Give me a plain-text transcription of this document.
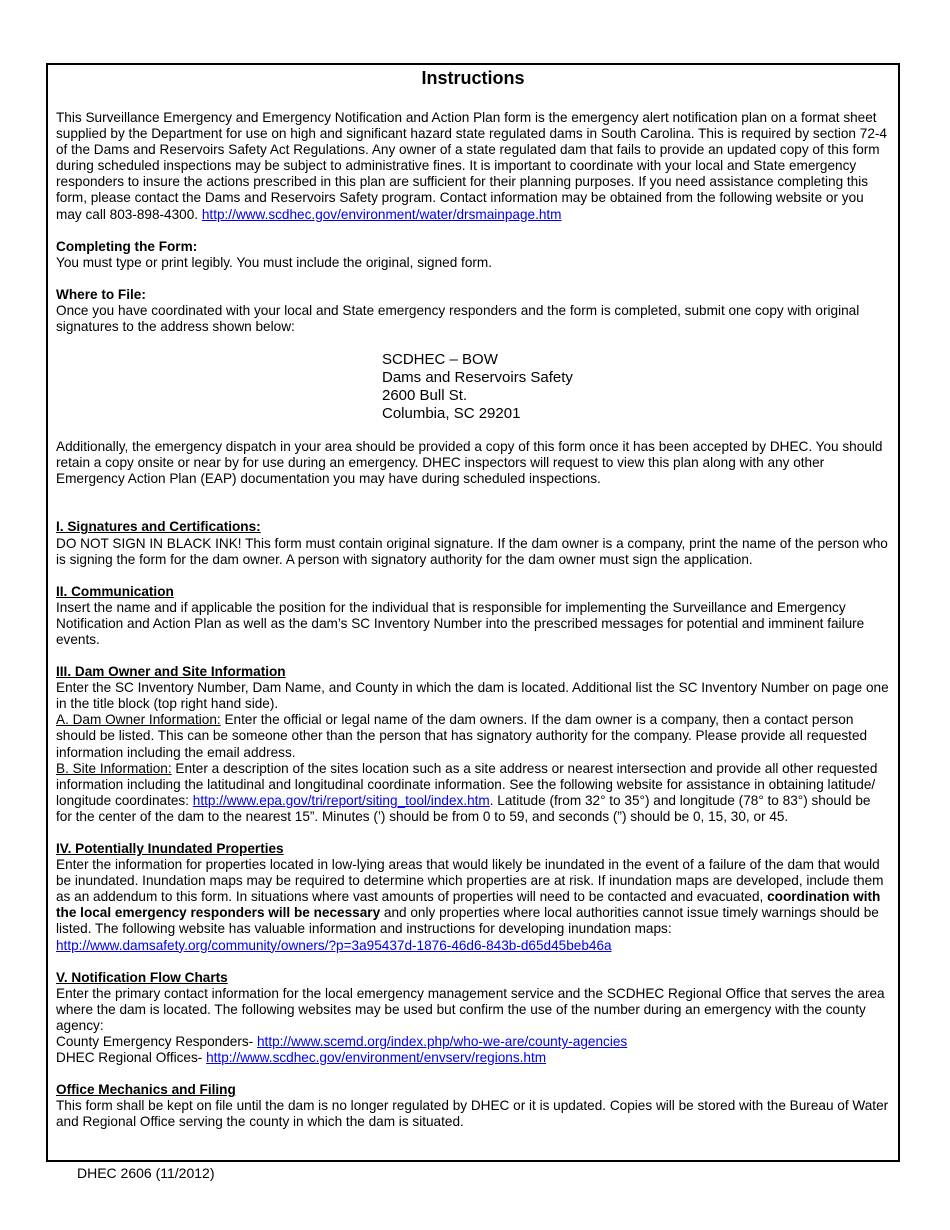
Instructions

This Surveillance Emergency and Emergency Notification and Action Plan form is the emergency alert notification plan on a format sheet supplied by the Department for use on high and significant hazard state regulated dams in South Carolina. This is required by section 72-4 of the Dams and Reservoirs Safety Act Regulations. Any owner of a state regulated dam that fails to provide an updated copy of this form during scheduled inspections may be subject to administrative fines. It is important to coordinate with your local and State emergency responders to insure the actions prescribed in this plan are sufficient for their planning purposes. If you need assistance completing this form, please contact the Dams and Reservoirs Safety program. Contact information may be obtained from the following website or you may call 803-898-4300. http://www.scdhec.gov/environment/water/drsmainpage.htm

Completing the Form:

You must type or print legibly. You must include the original, signed form.

Where to File:

Once you have coordinated with your local and State emergency responders and the form is completed, submit one copy with original signatures to the address shown below:

SCDHEC – BOW
Dams and Reservoirs Safety
2600 Bull St.
Columbia, SC 29201

Additionally, the emergency dispatch in your area should be provided a copy of this form once it has been accepted by DHEC. You should retain a copy onsite or near by for use during an emergency. DHEC inspectors will request to view this plan along with any other Emergency Action Plan (EAP) documentation you may have during scheduled inspections.

I. Signatures and Certifications:

DO NOT SIGN IN BLACK INK! This form must contain original signature. If the dam owner is a company, print the name of the person who is signing the form for the dam owner. A person with signatory authority for the dam owner must sign the application.

II. Communication

Insert the name and if applicable the position for the individual that is responsible for implementing the Surveillance and Emergency Notification and Action Plan as well as the dam’s SC Inventory Number into the prescribed messages for potential and imminent failure events.

III. Dam Owner and Site Information

Enter the SC Inventory Number, Dam Name, and County in which the dam is located. Additional list the SC Inventory Number on page one in the title block (top right hand side).

A. Dam Owner Information: Enter the official or legal name of the dam owners. If the dam owner is a company, then a contact person should be listed. This can be someone other than the person that has signatory authority for the company. Please provide all requested information including the email address.

B. Site Information: Enter a description of the sites location such as a site address or nearest intersection and provide all other requested information including the latitudinal and longitudinal coordinate information. See the following website for assistance in obtaining latitude/ longitude coordinates: http://www.epa.gov/tri/report/siting_tool/index.htm. Latitude (from 32° to 35°) and longitude (78° to 83°) should be for the center of the dam to the nearest 15”. Minutes (’) should be from 0 to 59, and seconds (”) should be 0, 15, 30, or 45.

IV. Potentially Inundated Properties

Enter the information for properties located in low-lying areas that would likely be inundated in the event of a failure of the dam that would be inundated. Inundation maps may be required to determine which properties are at risk. If inundation maps are developed, include them as an addendum to this form. In situations where vast amounts of properties will need to be contacted and evacuated, coordination with the local emergency responders will be necessary and only properties where local authorities cannot issue timely warnings should be listed. The following website has valuable information and instructions for developing inundation maps:

http://www.damsafety.org/community/owners/?p=3a95437d-1876-46d6-843b-d65d45beb46a

V. Notification Flow Charts

Enter the primary contact information for the local emergency management service and the SCDHEC Regional Office that serves the area where the dam is located. The following websites may be used but confirm the use of the number during an emergency with the county agency:

County Emergency Responders- http://www.scemd.org/index.php/who-we-are/county-agencies

DHEC Regional Offices- http://www.scdhec.gov/environment/envserv/regions.htm

Office Mechanics and Filing

This form shall be kept on file until the dam is no longer regulated by DHEC or it is updated. Copies will be stored with the Bureau of Water and Regional Office serving the county in which the dam is situated.

DHEC 2606 (11/2012)
